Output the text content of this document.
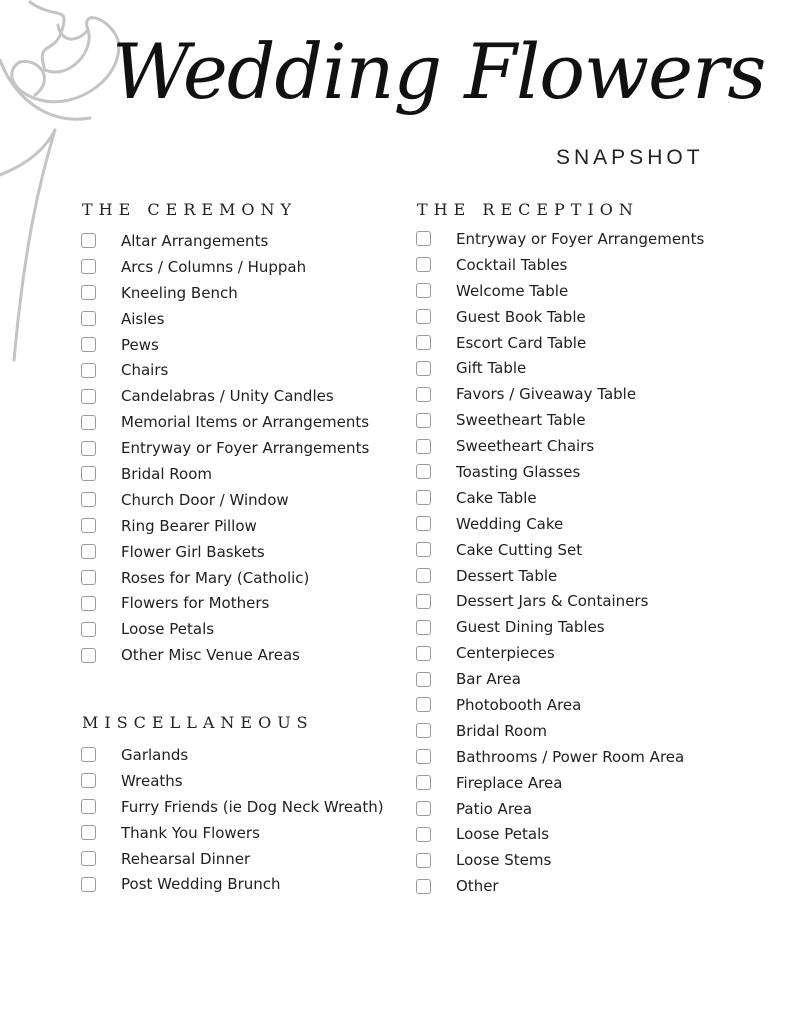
Wedding Flowers
SNAPSHOT
THE CEREMONY
Altar Arrangements
Arcs / Columns / Huppah
Kneeling Bench
Aisles
Pews
Chairs
Candelabras / Unity Candles
Memorial Items or Arrangements
Entryway or Foyer Arrangements
Bridal Room
Church Door / Window
Ring Bearer Pillow
Flower Girl Baskets
Roses for Mary (Catholic)
Flowers for Mothers
Loose Petals
Other Misc Venue Areas
MISCELLANEOUS
Garlands
Wreaths
Furry Friends (ie Dog Neck Wreath)
Thank You Flowers
Rehearsal Dinner
Post Wedding Brunch
THE RECEPTION
Entryway or Foyer Arrangements
Cocktail Tables
Welcome Table
Guest Book Table
Escort Card Table
Gift Table
Favors / Giveaway Table
Sweetheart Table
Sweetheart Chairs
Toasting Glasses
Cake Table
Wedding Cake
Cake Cutting Set
Dessert Table
Dessert Jars & Containers
Guest Dining Tables
Centerpieces
Bar Area
Photobooth Area
Bridal Room
Bathrooms / Power Room Area
Fireplace Area
Patio Area
Loose Petals
Loose Stems
Other
